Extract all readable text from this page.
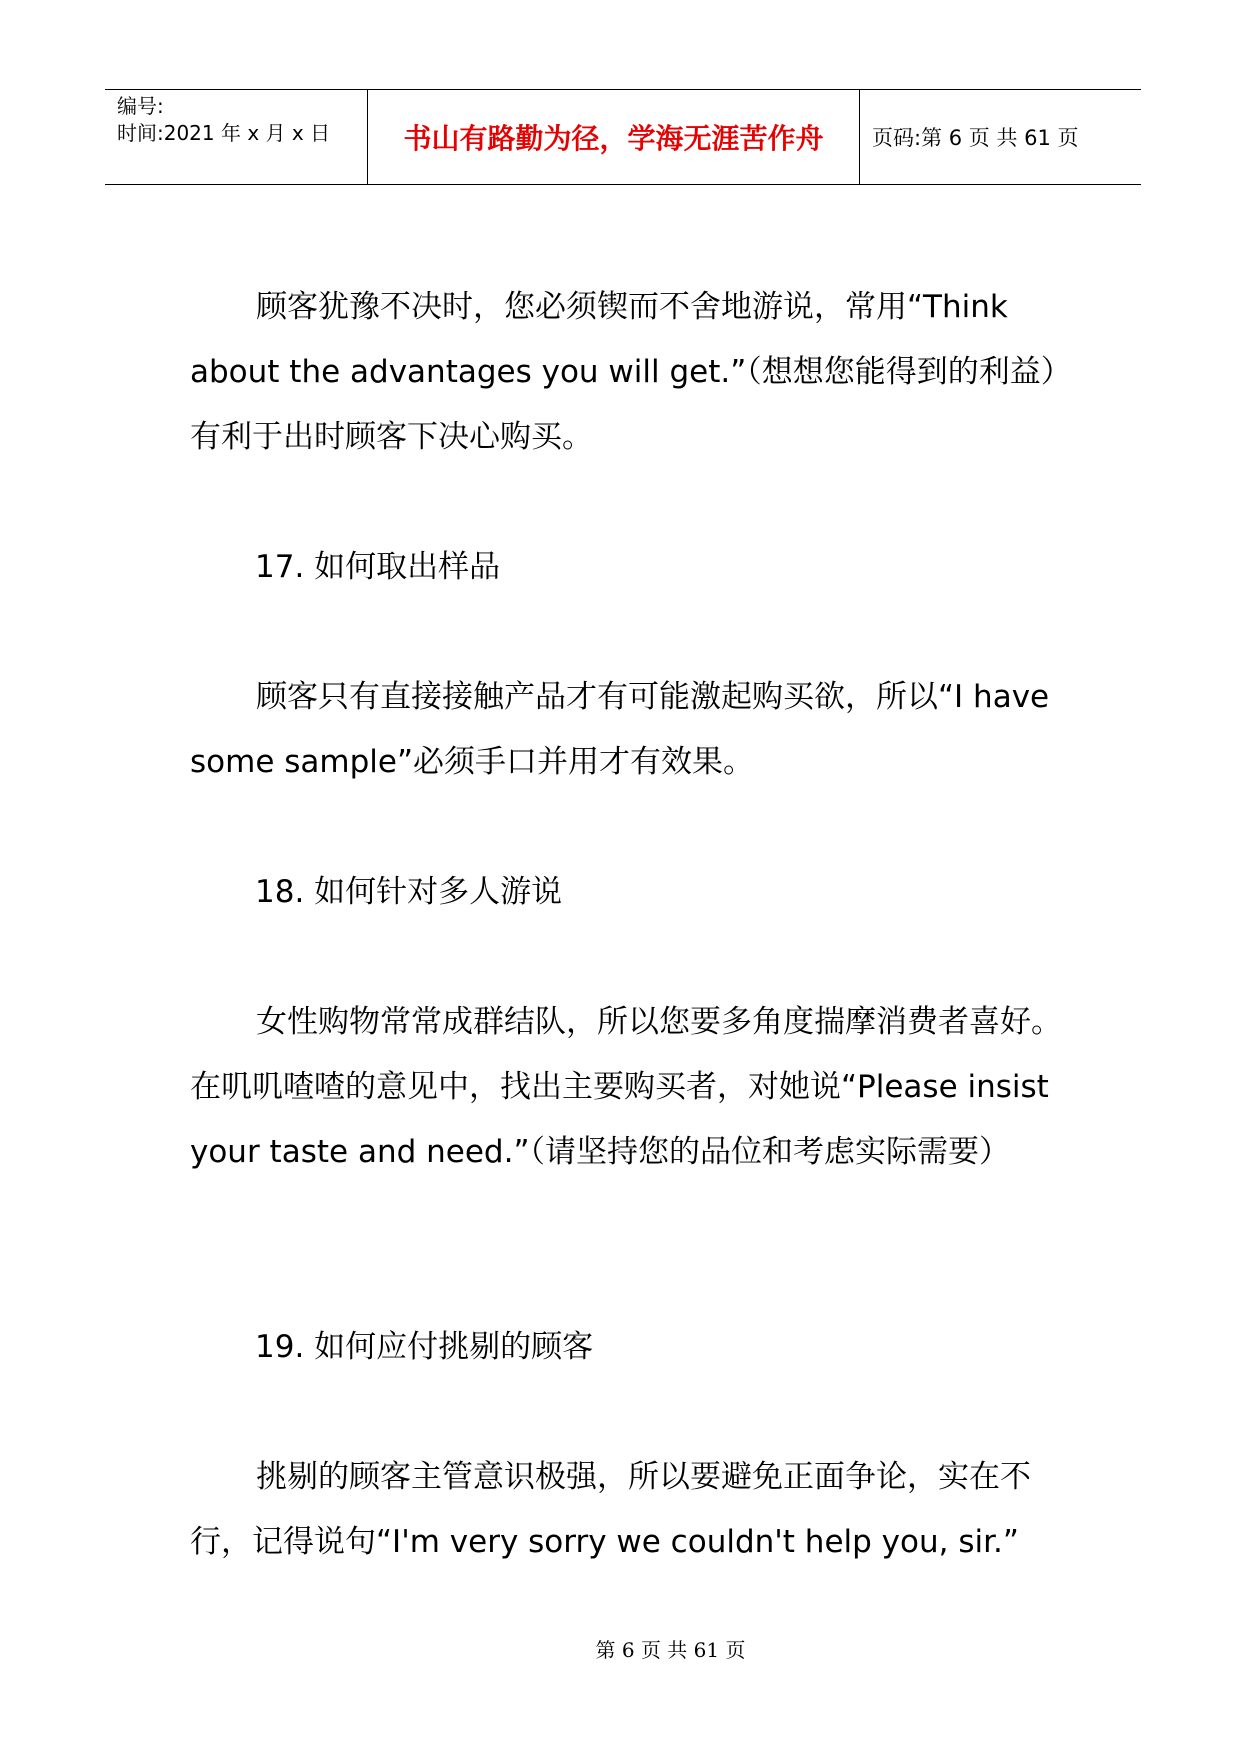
编号:
时间:2021 年 x 月 x 日	书山有路勤为径，学海无涯苦作舟	页码:第 6 页 共 61 页
顾客犹豫不决时，您必须锲而不舍地游说，常用“Think about the advantages you will get.”（想想您能得到的利益）有利于出时顾客下决心购买。
17. 如何取出样品
顾客只有直接接触产品才有可能激起购买欲，所以“I have some sample”必须手口并用才有效果。
18. 如何针对多人游说
女性购物常常成群结队，所以您要多角度揣摩消费者喜好。在叽叽喳喳的意见中，找出主要购买者，对她说“Please insist your taste and need.”（请坚持您的品位和考虑实际需要）
19. 如何应付挑剔的顾客
挑剔的顾客主管意识极强，所以要避免正面争论，实在不行，记得说句“I'm very sorry we couldn't help you, sir.”
第 6 页 共 61 页
